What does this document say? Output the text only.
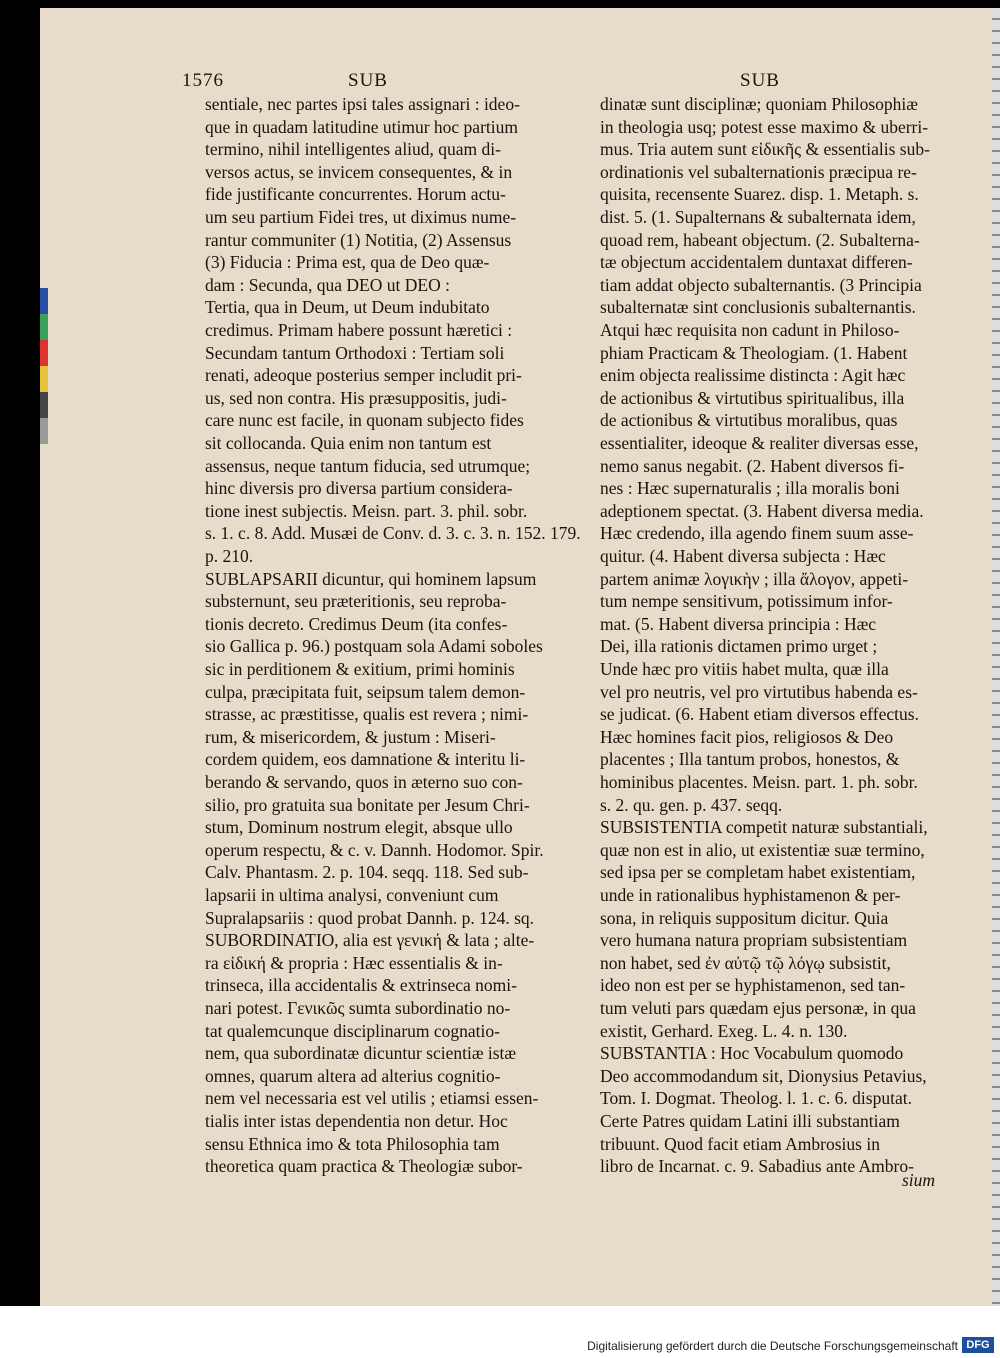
1576	SUB	SUB
sentiale, nec partes ipsi tales assignari : ideo-
que in quadam latitudine utimur hoc partium
termino, nihil intelligentes aliud, quam di-
versos actus, se invicem consequentes, & in
fide justificante concurrentes. Horum actu-
um seu partium Fidei tres, ut diximus nume-
rantur communiter (1) Notitia, (2) Assensus
(3) Fiducia : Prima est, qua de Deo quæ-
dam : Secunda, qua DEO ut DEO :
Tertia, qua in Deum, ut Deum indubitato
credimus. Primam habere possunt hæretici :
Secundam tantum Orthodoxi : Tertiam soli
renati, adeoque posterius semper includit pri-
us, sed non contra. His præsuppositis, judi-
care nunc est facile, in quonam subjecto fides
sit collocanda. Quia enim non tantum est
assensus, neque tantum fiducia, sed utrumque;
hinc diversis pro diversa partium considera-
tione inest subjectis. Meisn. part. 3. phil. sobr.
s. 1. c. 8. Add. Musæi de Conv. d. 3. c. 3. n. 152. 179.
p. 210.
SUBLAPSARII dicuntur, qui hominem lapsum
substernunt, seu præteritionis, seu reproba-
tionis decreto. Credimus Deum (ita confes-
sio Gallica p. 96.) postquam sola Adami soboles
sic in perditionem & exitium, primi hominis
culpa, præcipitata fuit, seipsum talem demon-
strasse, ac præstitisse, qualis est revera ; nimi-
rum, & misericordem, & justum : Miseri-
cordem quidem, eos damnatione & interitu li-
berando & servando, quos in æterno suo con-
silio, pro gratuita sua bonitate per Jesum Chri-
stum, Dominum nostrum elegit, absque ullo
operum respectu, & c. v. Dannh. Hodomor. Spir.
Calv. Phantasm. 2. p. 104. seqq. 118. Sed sub-
lapsarii in ultima analysi, conveniunt cum
Supralapsariis : quod probat Dannh. p. 124. sq.
SUBORDINATIO, alia est γενική & lata ; alte-
ra εἰδική & propria : Hæc essentialis & in-
trinseca, illa accidentalis & extrinseca nomi-
nari potest. Γενικῶς sumta subordinatio no-
tat qualemcunque disciplinarum cognatio-
nem, qua subordinatæ dicuntur scientiæ istæ
omnes, quarum altera ad alterius cognitio-
nem vel necessaria est vel utilis ; etiamsi essen-
tialis inter istas dependentia non detur. Hoc
sensu Ethnica imo & tota Philosophia tam
theoretica quam practica & Theologiæ subor-
dinatæ sunt disciplinæ; quoniam Philosophiæ
in theologia usq; potest esse maximo & uberri-
mus. Tria autem sunt εἰδικῆς & essentialis sub-
ordinationis vel subalternationis præcipua re-
quisita, recensente Suarez. disp. 1. Metaph. s.
dist. 5. (1. Supalternans & subalternata idem,
quoad rem, habeant objectum. (2. Subalterna-
tæ objectum accidentalem duntaxat differen-
tiam addat objecto subalternantis. (3 Principia
subalternatæ sint conclusionis subalternantis.
Atqui hæc requisita non cadunt in Philoso-
phiam Practicam & Theologiam. (1. Habent
enim objecta realissime distincta : Agit hæc
de actionibus & virtutibus spiritualibus, illa
de actionibus & virtutibus moralibus, quas
essentialiter, ideoque & realiter diversas esse,
nemo sanus negabit. (2. Habent diversos fi-
nes : Hæc supernaturalis ; illa moralis boni
adeptionem spectat. (3. Habent diversa media.
Hæc credendo, illa agendo finem suum asse-
quitur. (4. Habent diversa subjecta : Hæc
partem animæ λογικὴν ; illa ἄλογον, appeti-
tum nempe sensitivum, potissimum infor-
mat. (5. Habent diversa principia : Hæc
Dei, illa rationis dictamen primo urget ;
Unde hæc pro vitiis habet multa, quæ illa
vel pro neutris, vel pro virtutibus habenda es-
se judicat. (6. Habent etiam diversos effectus.
Hæc homines facit pios, religiosos & Deo
placentes ; Illa tantum probos, honestos, &
hominibus placentes. Meisn. part. 1. ph. sobr.
s. 2. qu. gen. p. 437. seqq.
SUBSISTENTIA competit naturæ substantiali,
quæ non est in alio, ut existentiæ suæ termino,
sed ipsa per se completam habet existentiam,
unde in rationalibus hyphistamenon & per-
sona, in reliquis suppositum dicitur. Quia
vero humana natura propriam subsistentiam
non habet, sed ἐν αὐτῷ τῷ λόγῳ subsistit,
ideo non est per se hyphistamenon, sed tan-
tum veluti pars quædam ejus personæ, in qua
existit, Gerhard. Exeg. L. 4. n. 130.
SUBSTANTIA : Hoc Vocabulum quomodo
Deo accommodandum sit, Dionysius Petavius,
Tom. I. Dogmat. Theolog. l. 1. c. 6. disputat.
Certe Patres quidam Latini illi substantiam
tribuunt. Quod facit etiam Ambrosius in
libro de Incarnat. c. 9. Sabadius ante Ambro-
sium
Digitalisierung gefördert durch die Deutsche Forschungsgemeinschaft DFG
